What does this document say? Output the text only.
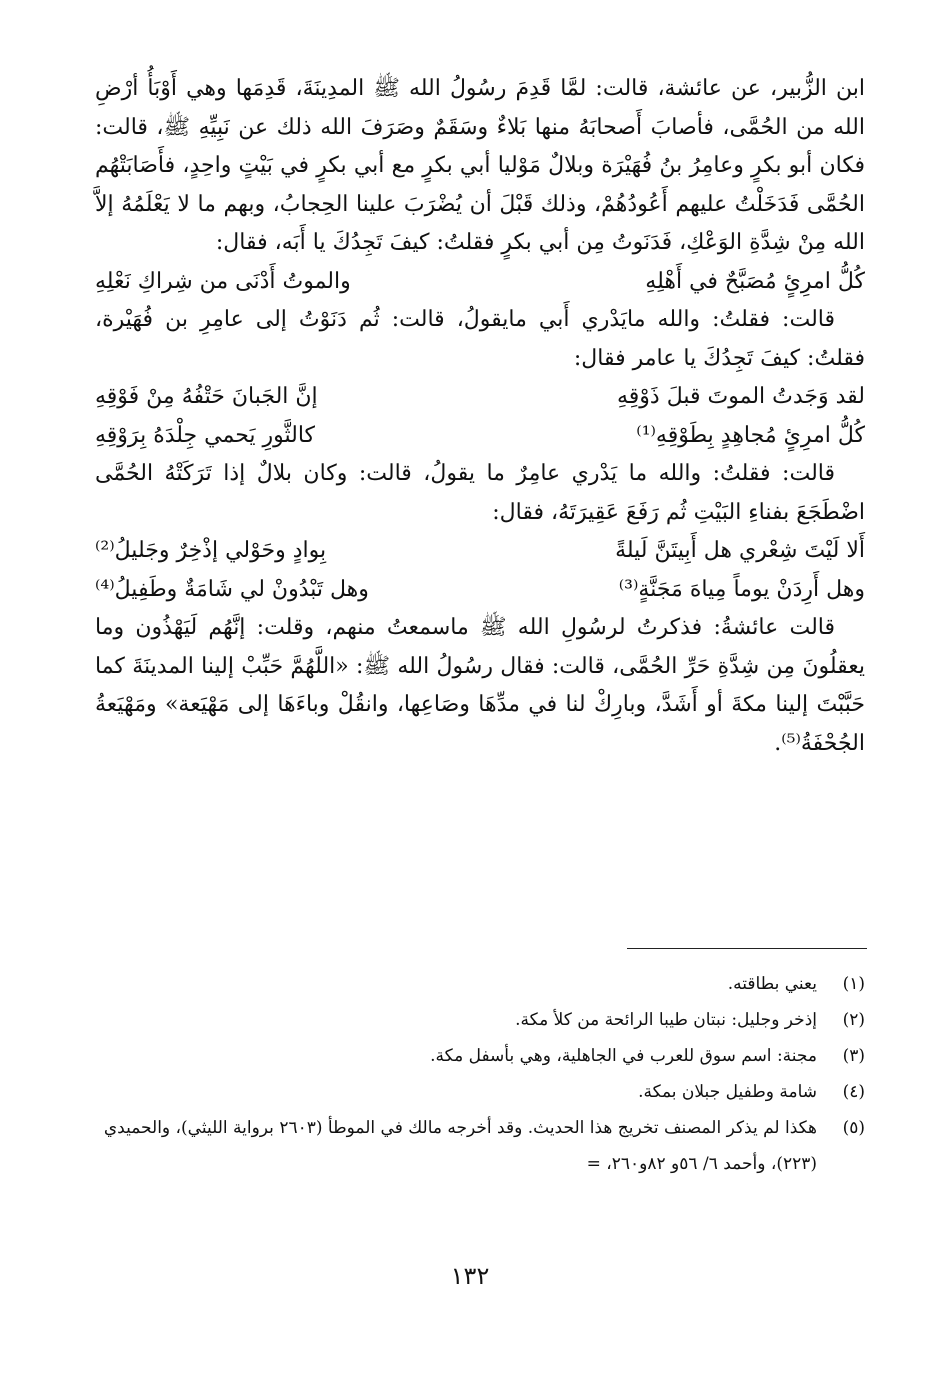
ابن الزُّبير، عن عائشة، قالت: لمَّا قَدِمَ رسُولُ الله ﷺ المدِينَةَ، قَدِمَها وهي أَوْبَأُ أرْضِ الله من الحُمَّى، فأصابَ أَصحابَهُ منها بَلاءٌ وسَقَمٌ وصَرَفَ الله ذلك عن نَبِيِّهِ ﷺ، قالت: فكان أبو بكرٍ وعامِرُ بنُ فُهَيْرَة وبلالٌ مَوْليا أبي بكرٍ مع أبي بكرٍ في بَيْتٍ واحِدٍ، فأَصَابَتْهُم الحُمَّى فَدَخَلْتُ عليهم أَعُودُهُمْ، وذلك قَبْلَ أن يُضْرَبَ علينا الحِجابُ، وبهم ما لا يَعْلَمُهُ إلاَّ الله مِنْ شِدَّةِ الوَعْكِ، فَدَنَوتُ مِن أبي بكرٍ فقلتُ: كيفَ تَجِدُكَ يا أَبَه، فقال:

كُلُّ امرِئٍ مُصَبَّحٌ في أَهْلِهِ
والموتُ أَدْنَى من شِراكِ نَعْلِهِ

قالت: فقلتُ: والله مايَدْري أَبي مايقولُ، قالت: ثُم دَنَوْتُ إلى عامِرِ بن فُهَيْرة، فقلتُ: كيفَ تَجِدُكَ يا عامر فقال:

لقد وَجَدتُ الموتَ قبلَ ذَوْقِهِ
إنَّ الجَبانَ حَتْفُهُ مِنْ فَوْقِهِ
كُلُّ امرِئٍ مُجاهِدٍ بِطَوْقِهِ⁽¹⁾
كالثَّورِ يَحمي جِلْدَهُ بِرَوْقِهِ

قالت: فقلتُ: والله ما يَدْري عامِرٌ ما يقولُ، قالت: وكان بلالٌ إذا تَرَكَتْهُ الحُمَّى اضْطَجَعَ بفناءِ البَيْتِ ثُم رَفَعَ عَقِيرَتَهُ، فقال:

أَلا لَيْتَ شِعْري هل أَبِيتَنَّ لَيلةً
بِوادٍ وحَوْلي إذْخِرٌ وجَليلُ⁽²⁾
وهل أَرِدَنْ يوماً مِياهَ مَجَنَّةٍ⁽³⁾
وهل تَبْدُونْ لي شَامَةٌ وطَفِيلُ⁽⁴⁾

قالت عائشةُ: فذكرتُ لرسُولِ الله ﷺ ماسمعتُ منهم، وقلت: إنَّهُم لَيَهْذُون وما يعقلُونَ مِن شِدَّةِ حَرِّ الحُمَّى، قالت: فقال رسُولُ الله ﷺ: «اللَّهُمَّ حَبِّبْ إلينا المدينَةَ كما حَبَّبْتَ إلينا مكةَ أو أَشَدَّ، وبارِكْ لنا في مدِّهَا وصَاعِها، وانقُلْ وباءَهَا إلى مَهْيَعة» ومَهْيَعةُ الجُحْفَةُ⁽⁵⁾.

(١)
يعني بطاقته.
(٢)
إذخر وجليل: نبتان طيبا الرائحة من كلأ مكة.
(٣)
مجنة: اسم سوق للعرب في الجاهلية، وهي بأسفل مكة.
(٤)
شامة وطفيل جبلان بمكة.
(٥)
هكذا لم يذكر المصنف تخريج هذا الحديث. وقد أخرجه مالك في الموطأ (٢٦٠٣ برواية الليثي)، والحميدي (٢٢٣)، وأحمد ٦/ ٥٦و ٨٢و٢٦٠، =
١٣٢
